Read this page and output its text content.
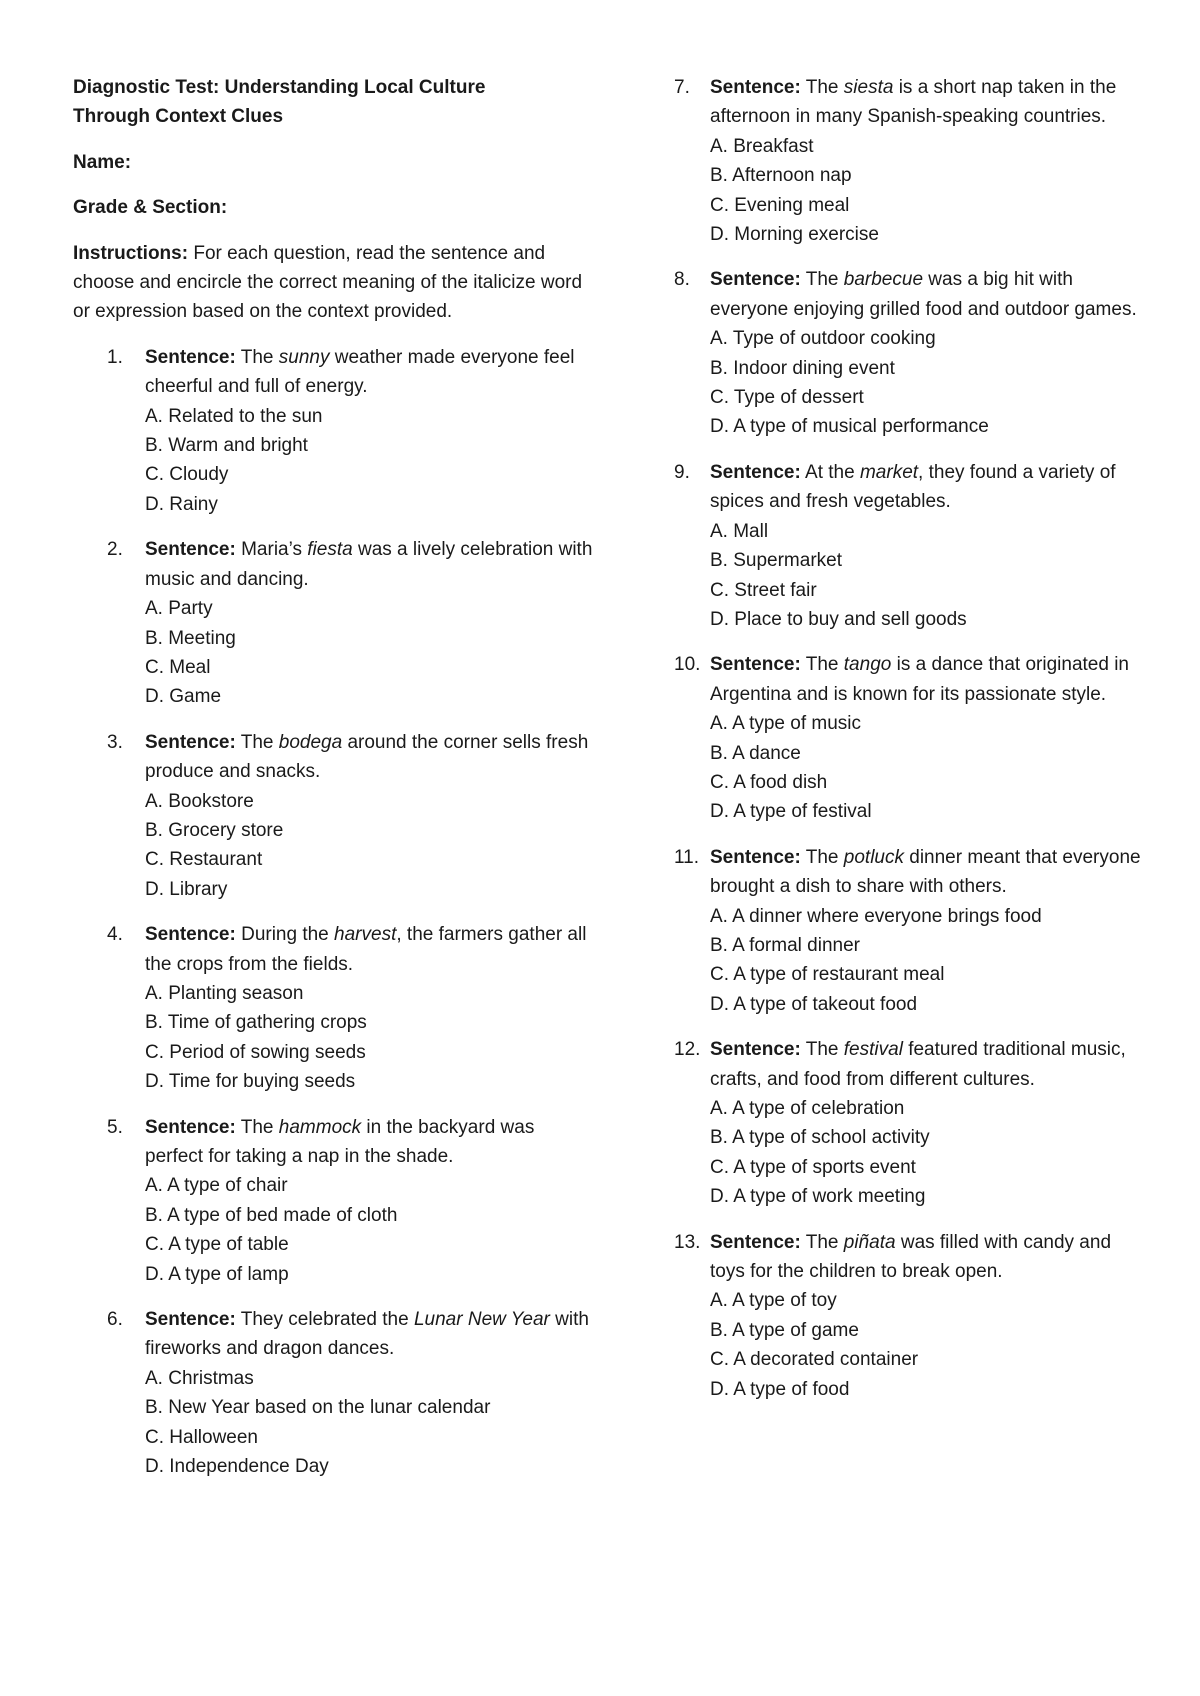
Diagnostic Test: Understanding Local Culture
Through Context Clues
Name:
Grade & Section:
Instructions: For each question, read the sentence and choose and encircle the correct meaning of the italicize word or expression based on the context provided.
1. Sentence: The sunny weather made everyone feel cheerful and full of energy.
A. Related to the sun
B. Warm and bright
C. Cloudy
D. Rainy
2. Sentence: Maria’s fiesta was a lively celebration with music and dancing.
A. Party
B. Meeting
C. Meal
D. Game
3. Sentence: The bodega around the corner sells fresh produce and snacks.
A. Bookstore
B. Grocery store
C. Restaurant
D. Library
4. Sentence: During the harvest, the farmers gather all the crops from the fields.
A. Planting season
B. Time of gathering crops
C. Period of sowing seeds
D. Time for buying seeds
5. Sentence: The hammock in the backyard was perfect for taking a nap in the shade.
A. A type of chair
B. A type of bed made of cloth
C. A type of table
D. A type of lamp
6. Sentence: They celebrated the Lunar New Year with fireworks and dragon dances.
A. Christmas
B. New Year based on the lunar calendar
C. Halloween
D. Independence Day
7. Sentence: The siesta is a short nap taken in the afternoon in many Spanish-speaking countries.
A. Breakfast
B. Afternoon nap
C. Evening meal
D. Morning exercise
8. Sentence: The barbecue was a big hit with everyone enjoying grilled food and outdoor games.
A. Type of outdoor cooking
B. Indoor dining event
C. Type of dessert
D. A type of musical performance
9. Sentence: At the market, they found a variety of spices and fresh vegetables.
A. Mall
B. Supermarket
C. Street fair
D. Place to buy and sell goods
10. Sentence: The tango is a dance that originated in Argentina and is known for its passionate style.
A. A type of music
B. A dance
C. A food dish
D. A type of festival
11. Sentence: The potluck dinner meant that everyone brought a dish to share with others.
A. A dinner where everyone brings food
B. A formal dinner
C. A type of restaurant meal
D. A type of takeout food
12. Sentence: The festival featured traditional music, crafts, and food from different cultures.
A. A type of celebration
B. A type of school activity
C. A type of sports event
D. A type of work meeting
13. Sentence: The piñata was filled with candy and toys for the children to break open.
A. A type of toy
B. A type of game
C. A decorated container
D. A type of food
